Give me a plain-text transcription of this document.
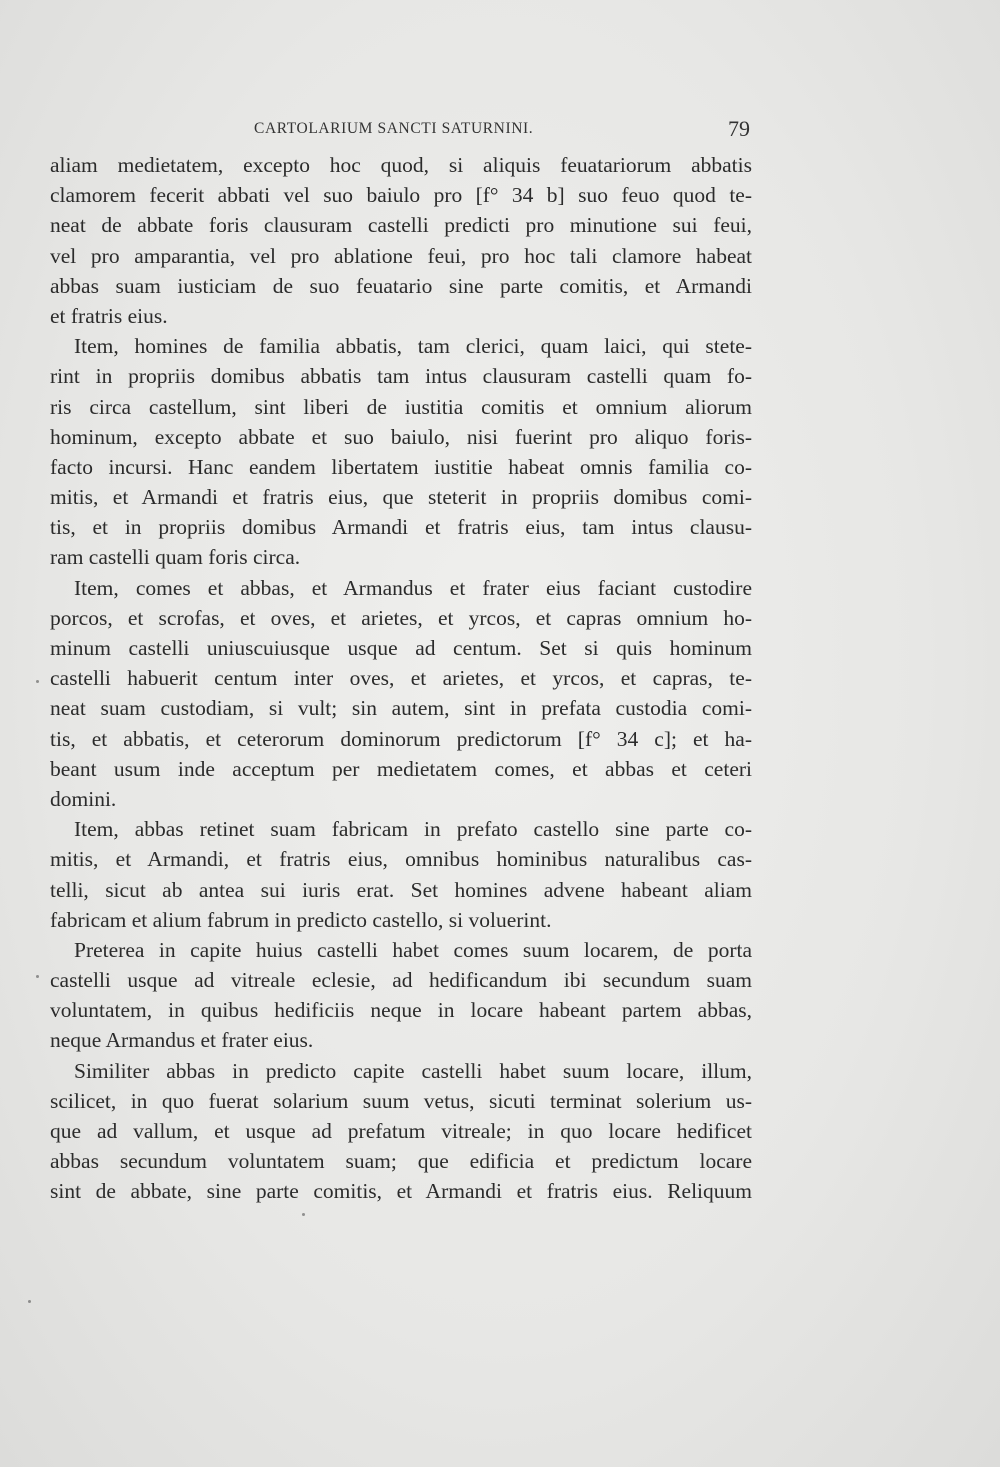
CARTOLARIUM SANCTI SATURNINI.	79
aliam medietatem, excepto hoc quod, si aliquis feuatariorum abbatis
clamorem fecerit abbati vel suo baiulo pro [f° 34 b] suo feuo quod te-
neat de abbate foris clausuram castelli predicti pro minutione sui feui,
vel pro amparantia, vel pro ablatione feui, pro hoc tali clamore habeat
abbas suam iusticiam de suo feuatario sine parte comitis, et Armandi
et fratris eius.
Item, homines de familia abbatis, tam clerici, quam laici, qui stete-
rint in propriis domibus abbatis tam intus clausuram castelli quam fo-
ris circa castellum, sint liberi de iustitia comitis et omnium aliorum
hominum, excepto abbate et suo baiulo, nisi fuerint pro aliquo foris-
facto incursi. Hanc eandem libertatem iustitie habeat omnis familia co-
mitis, et Armandi et fratris eius, que steterit in propriis domibus comi-
tis, et in propriis domibus Armandi et fratris eius, tam intus clausu-
ram castelli quam foris circa.
Item, comes et abbas, et Armandus et frater eius faciant custodire
porcos, et scrofas, et oves, et arietes, et yrcos, et capras omnium ho-
minum castelli uniuscuiusque usque ad centum. Set si quis hominum
castelli habuerit centum inter oves, et arietes, et yrcos, et capras, te-
neat suam custodiam, si vult; sin autem, sint in prefata custodia comi-
tis, et abbatis, et ceterorum dominorum predictorum [f° 34 c]; et ha-
beant usum inde acceptum per medietatem comes, et abbas et ceteri
domini.
Item, abbas retinet suam fabricam in prefato castello sine parte co-
mitis, et Armandi, et fratris eius, omnibus hominibus naturalibus cas-
telli, sicut ab antea sui iuris erat. Set homines advene habeant aliam
fabricam et alium fabrum in predicto castello, si voluerint.
Preterea in capite huius castelli habet comes suum locarem, de porta
castelli usque ad vitreale eclesie, ad hedificandum ibi secundum suam
voluntatem, in quibus hedificiis neque in locare habeant partem abbas,
neque Armandus et frater eius.
Similiter abbas in predicto capite castelli habet suum locare, illum,
scilicet, in quo fuerat solarium suum vetus, sicuti terminat solerium us-
que ad vallum, et usque ad prefatum vitreale; in quo locare hedificet
abbas secundum voluntatem suam; que edificia et predictum locare
sint de abbate, sine parte comitis, et Armandi et fratris eius. Reliquum
